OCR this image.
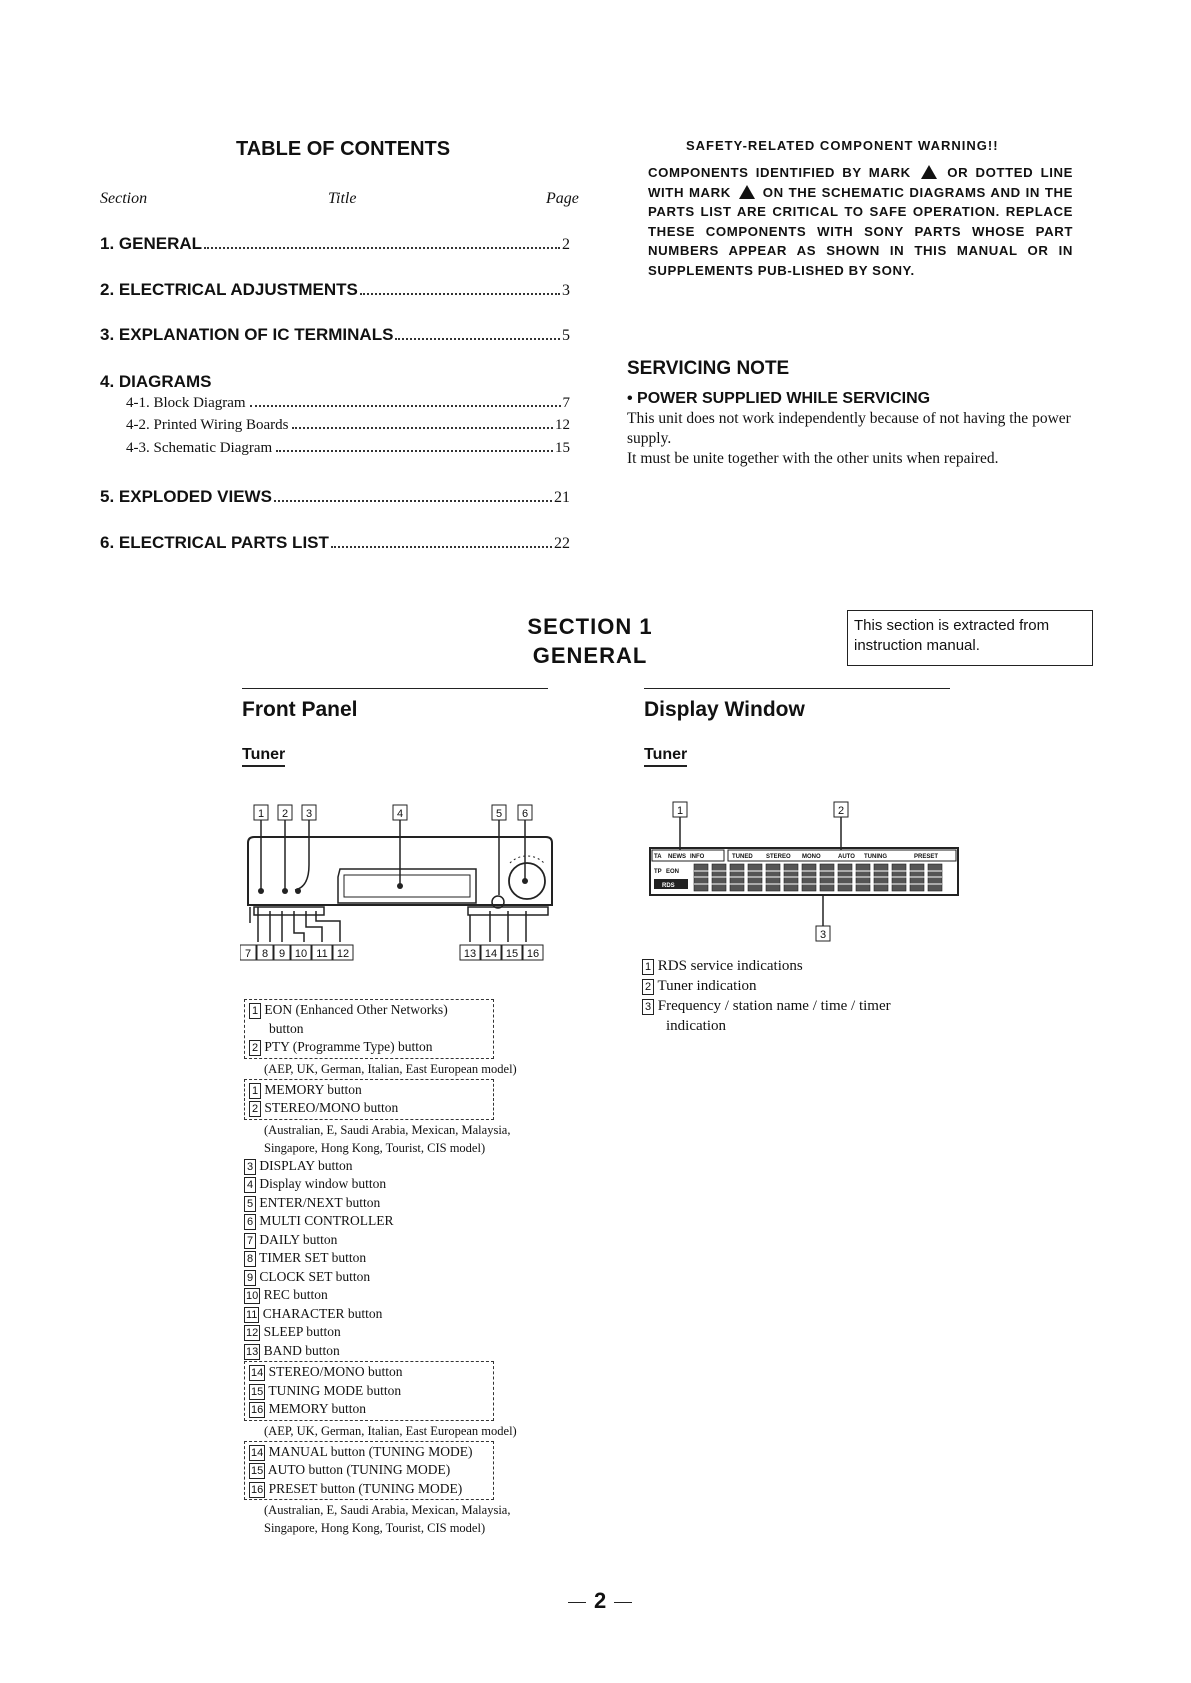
TABLE OF CONTENTS
Section	Title	Page
1. GENERAL	2
2. ELECTRICAL ADJUSTMENTS	3
3. EXPLANATION OF IC TERMINALS	5
4. DIAGRAMS
4-1. Block Diagram	7
4-2. Printed Wiring Boards	12
4-3. Schematic Diagram	15
5. EXPLODED VIEWS	21
6. ELECTRICAL PARTS LIST	22
SAFETY-RELATED COMPONENT WARNING!!
COMPONENTS IDENTIFIED BY MARK	OR DOTTED LINE WITH MARK ON THE SCHEMATIC DIAGRAMS AND IN THE PARTS LIST ARE CRITICAL TO SAFE OPERATION. REPLACE THESE COMPONENTS WITH SONY PARTS WHOSE PART NUMBERS APPEAR AS SHOWN IN THIS MANUAL OR IN SUPPLEMENTS PUB-LISHED BY SONY.
SERVICING NOTE
• POWER SUPPLIED WHILE SERVICING
This unit does not work independently because of not having the power supply.
It must be unite together with the other units when repaired.
SECTION 1
GENERAL
This section is extracted from instruction manual.
Front Panel
Tuner
1 2 3	4	5 6
7 8 9 10 11 12	13 14 15 16
1 EON (Enhanced Other Networks)
button
2 PTY (Programme Type) button
(AEP, UK, German, Italian, East European model)
1 MEMORY button
2 STEREO/MONO button
(Australian, E, Saudi Arabia, Mexican, Malaysia,
Singapore, Hong Kong, Tourist, CIS model)
3 DISPLAY button
4 Display window button
5 ENTER/NEXT button
6 MULTI CONTROLLER
7 DAILY button
8 TIMER SET button
9 CLOCK SET button
10 REC button
11 CHARACTER button
12 SLEEP button
13 BAND button
14 STEREO/MONO button
15 TUNING MODE button
16 MEMORY button
(AEP, UK, German, Italian, East European model)
14 MANUAL button (TUNING MODE)
15 AUTO button (TUNING MODE)
16 PRESET button (TUNING MODE)
(Australian, E, Saudi Arabia, Mexican, Malaysia,
Singapore, Hong Kong, Tourist, CIS model)
Display Window
Tuner
1	2
3
TA NEWS INFO
TP EON
RDS
TUNED STEREO MONO	AUTO TUNING	PRESET
1 RDS service indications
2 Tuner indication
3 Frequency / station name / time / timer
indication
2
